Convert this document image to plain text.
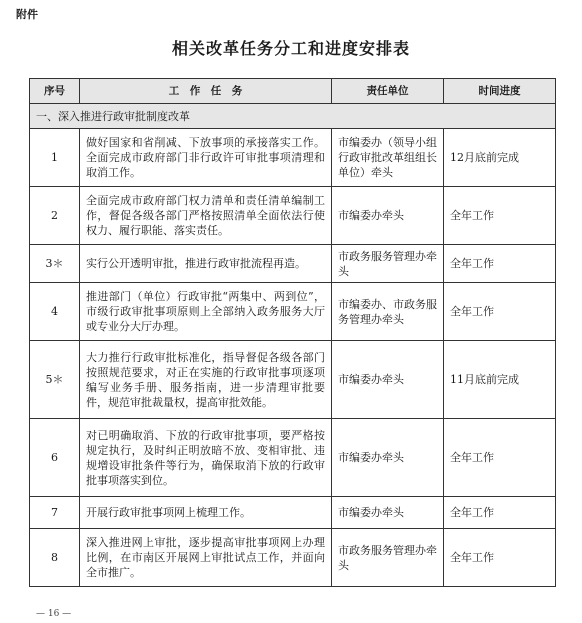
附件
相关改革任务分工和进度安排表
序号	工　作　任　务	责任单位	时间进度
一、深入推进行政审批制度改革			
1	做好国家和省削减、下放事项的承接落实工作。全面完成市政府部门非行政许可审批事项清理和取消工作。	市编委办（领导小组行政审批改革组组长单位）牵头	12月底前完成
2	全面完成市政府部门权力清单和责任清单编制工作，督促各级各部门严格按照清单全面依法行使权力、履行职能、落实责任。	市编委办牵头	全年工作
3＊	实行公开透明审批，推进行政审批流程再造。	市政务服务管理办牵头	全年工作
4	推进部门（单位）行政审批“两集中、两到位”，市级行政审批事项原则上全部纳入政务服务大厅或专业分大厅办理。	市编委办、市政务服务管理办牵头	全年工作
5＊	大力推行行政审批标准化，指导督促各级各部门按照规范要求，对正在实施的行政审批事项逐项编写业务手册、服务指南，进一步清理审批要件，规范审批裁量权，提高审批效能。	市编委办牵头	11月底前完成
6	对已明确取消、下放的行政审批事项，要严格按规定执行，及时纠正明放暗不放、变相审批、违规增设审批条件等行为，确保取消下放的行政审批事项落实到位。	市编委办牵头	全年工作
7	开展行政审批事项网上梳理工作。	市编委办牵头	全年工作
8	深入推进网上审批，逐步提高审批事项网上办理比例，在市南区开展网上审批试点工作，并面向全市推广。	市政务服务管理办牵头	全年工作
— 16 —
